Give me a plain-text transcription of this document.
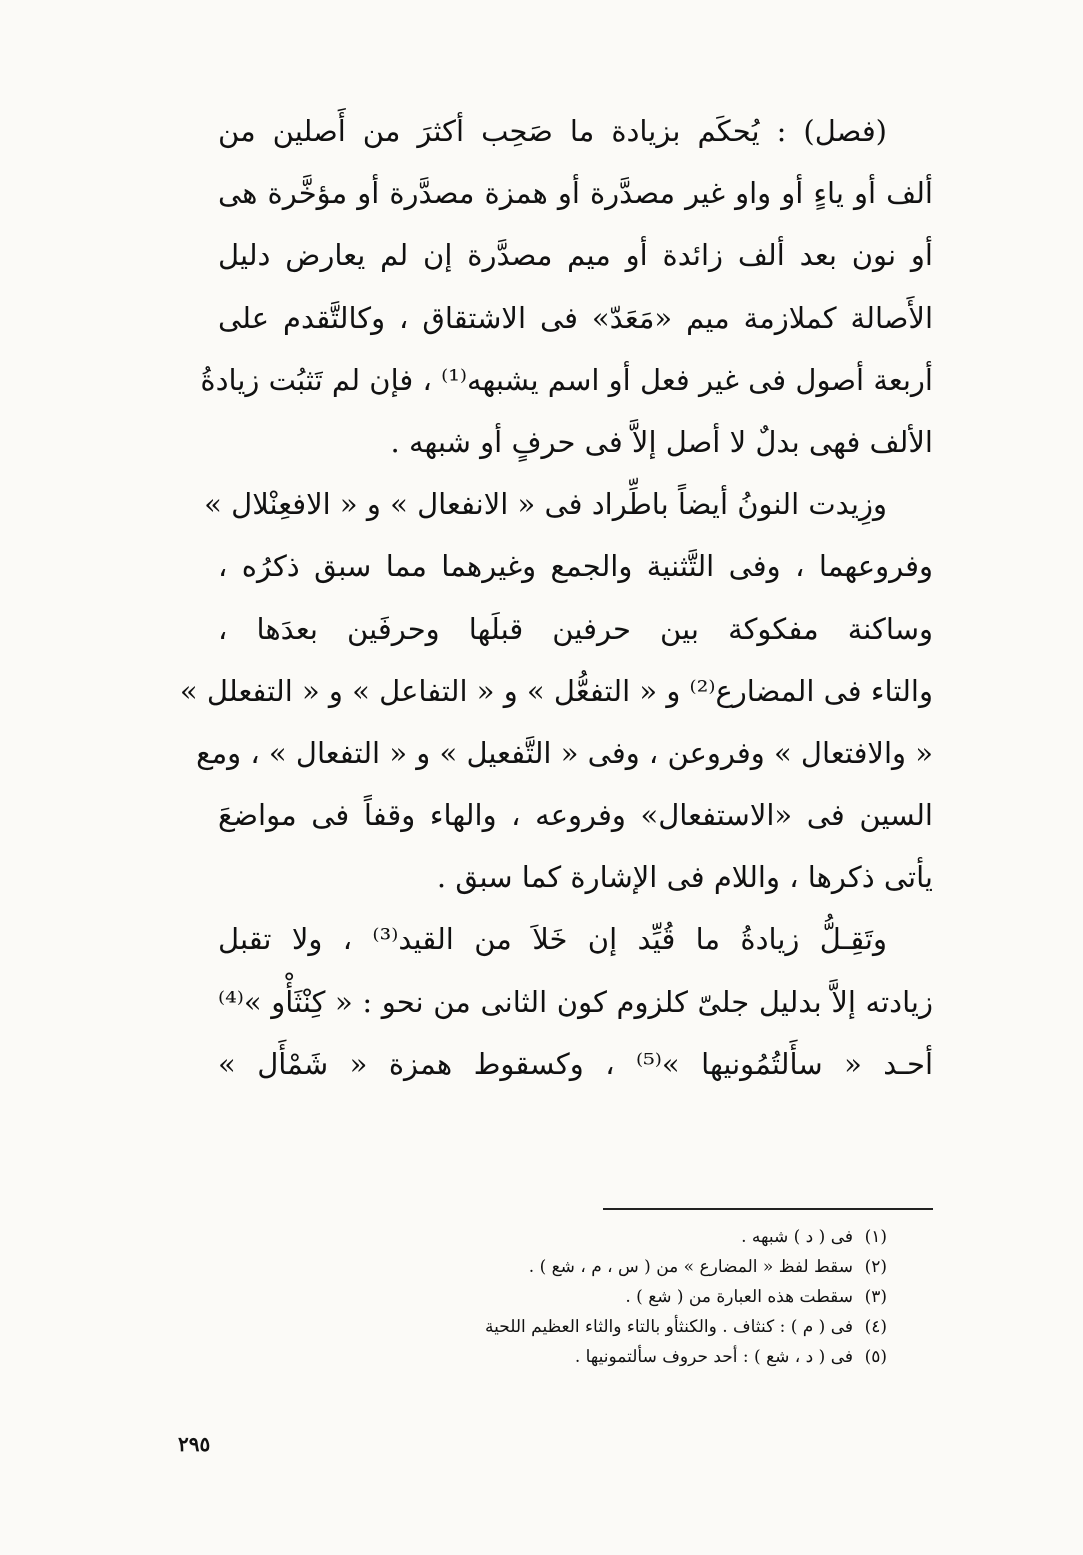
(فصل) : يُحكَم بزيادة ما صَحِب أكثرَ من أَصلين من
ألف أو ياءٍ أو واو غير مصدَّرة أو همزة مصدَّرة أو مؤخَّرة ه‍ى
أو نون بعد ألف زائدة أو ميم مصدَّرة إن لم يعارض دليل
الأَصالة كملازمة ميم «مَعَدّ» فى الاشتقاق ، وكالتَّقدم على
أربعة أصول فى غير فعل أو اسم يشبهه⁽¹⁾ ، فإن لم تَثبُت زيادةُ
الألف فهى بدلٌ لا أصل إلاَّ فى حرفٍ أو شبهه .
وزِيدت النونُ أيضاً باطِّراد فى « الانفعال » و « الافعِنْلال »
وفروعهما ، وفى التَّثنية والجمع وغيرهما مما سبق ذكرُه ،
وساكنة مفكوكة بين حرفين قبلَها وحرفَين بعدَها ،
والتاء فى المضارع⁽²⁾ و « التفعُّل » و « التفاعل » و « التفعلل »
« والافتعال » وفروعن ، وفى « التَّفعيل » و « التفعال » ، ومع
السين فى «الاستفعال» وفروعه ، والهاء وقفاً فى مواضعَ
يأتى ذكرها ، واللام فى الإشارة كما سبق .
وتَقِـلُّ زيادةُ ما قُيِّد إن خَلاَ من القيد⁽³⁾ ، ولا تقبل
زيادته إلاَّ بدليل جلىّ كلزوم كون الثانى من نحو : « كِنْثَأْو »⁽⁴⁾
أحـد « سأَلتُمُونيها »⁽⁵⁾ ، وكسقوط همزة « شَمْأَل »
(١)فى ( د ) شبهه .
(٢)سقط لفظ « المضارع » من ( س ، م ، شع ) .
(٣)سقطت هذه العبارة من ( شع ) .
(٤)فى ( م ) : كنثاف . والكنثأو بالتاء والثاء العظيم اللحية
(٥)فى ( د ، شع ) : أحد حروف سألتمونيها .
٢٩٥
